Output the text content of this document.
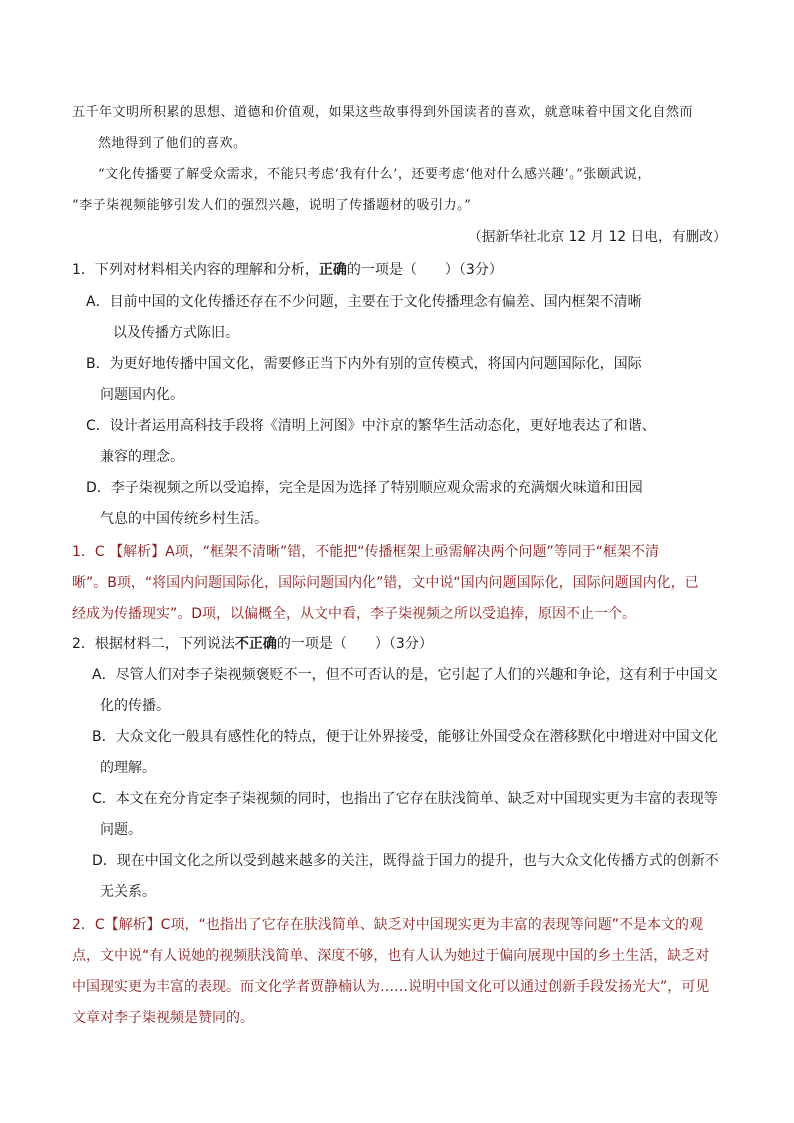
五千年文明所积累的思想、道德和价值观，如果这些故事得到外国读者的喜欢，就意味着中国文化自然而
然地得到了他们的喜欢。
“文化传播要了解受众需求，不能只考虑‘我有什么’，还要考虑‘他对什么感兴趣’。”张颐武说，
“李子柒视频能够引发人们的强烈兴趣，说明了传播题材的吸引力。”
（据新华社北京 12 月 12 日电，有删改）
1．下列对材料相关内容的理解和分析，正确的一项是（　　）（3分）
A．目前中国的文化传播还存在不少问题，主要在于文化传播理念有偏差、国内框架不清晰
以及传播方式陈旧。
B．为更好地传播中国文化，需要修正当下内外有别的宣传模式，将国内问题国际化，国际
问题国内化。
C．设计者运用高科技手段将《清明上河图》中汴京的繁华生活动态化，更好地表达了和谐、
兼容的理念。
D．李子柒视频之所以受追捧，完全是因为选择了特别顺应观众需求的充满烟火味道和田园
气息的中国传统乡村生活。
1．C 【解析】A项，“框架不清晰”错，不能把“传播框架上亟需解决两个问题”等同于“框架不清
晰”。B项，“将国内问题国际化，国际问题国内化”错，文中说“国内问题国际化，国际问题国内化，已
经成为传播现实”。D项，以偏概全，从文中看，李子柒视频之所以受追捧，原因不止一个。
2．根据材料二，下列说法不正确的一项是（　　）（3分）
A．尽管人们对李子柒视频褒贬不一，但不可否认的是，它引起了人们的兴趣和争论，这有利于中国文
化的传播。
B．大众文化一般具有感性化的特点，便于让外界接受，能够让外国受众在潜移默化中增进对中国文化
的理解。
C．本文在充分肯定李子柒视频的同时，也指出了它存在肤浅简单、缺乏对中国现实更为丰富的表现等
问题。
D．现在中国文化之所以受到越来越多的关注，既得益于国力的提升，也与大众文化传播方式的创新不
无关系。
2．C【解析】C项，“也指出了它存在肤浅简单、缺乏对中国现实更为丰富的表现等问题”不是本文的观
点，文中说“有人说她的视频肤浅简单、深度不够，也有人认为她过于偏向展现中国的乡土生活，缺乏对
中国现实更为丰富的表现。而文化学者贾静楠认为……说明中国文化可以通过创新手段发扬光大”，可见
文章对李子柒视频是赞同的。
